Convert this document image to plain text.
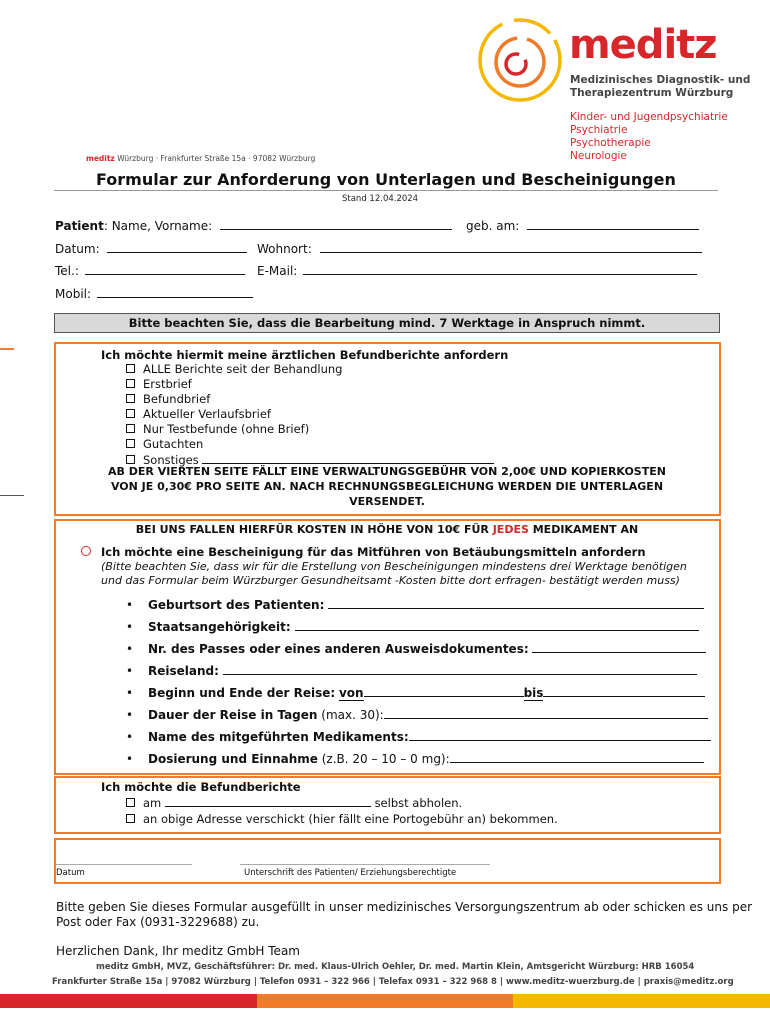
meditz
Medizinisches Diagnostik- und
Therapiezentrum Würzburg
Kinder- und Jugendpsychiatrie
Psychiatrie
Psychotherapie
Neurologie
meditz Würzburg · Frankfurter Straße 15a · 97082 Würzburg
Formular zur Anforderung von Unterlagen und Bescheinigungen
Stand 12.04.2024
Patient: Name, Vorname:	geb. am:
Datum:	Wohnort:
Tel.:	E-Mail:
Mobil:
Bitte beachten Sie, dass die Bearbeitung mind. 7 Werktage in Anspruch nimmt.
Ich möchte hiermit meine ärztlichen Befundberichte anfordern
ALLE Berichte seit der Behandlung
Erstbrief
Befundbrief
Aktueller Verlaufsbrief
Nur Testbefunde (ohne Brief)
Gutachten
Sonstiges
AB DER VIERTEN SEITE FÄLLT EINE VERWALTUNGSGEBÜHR VON 2,00€ UND KOPIERKOSTEN
VON JE 0,30€ PRO SEITE AN. NACH RECHNUNGSBEGLEICHUNG WERDEN DIE UNTERLAGEN
VERSENDET.
BEI UNS FALLEN HIERFÜR KOSTEN IN HÖHE VON 10€ FÜR JEDES MEDIKAMENT AN
Ich möchte eine Bescheinigung für das Mitführen von Betäubungsmitteln anfordern
(Bitte beachten Sie, dass wir für die Erstellung von Bescheinigungen mindestens drei Werktage benötigen
und das Formular beim Würzburger Gesundheitsamt -Kosten bitte dort erfragen- bestätigt werden muss)
• Geburtsort des Patienten:
• Staatsangehörigkeit:
• Nr. des Passes oder eines anderen Ausweisdokumentes:
• Reiseland:
• Beginn und Ende der Reise: von	bis
• Dauer der Reise in Tagen (max. 30):
• Name des mitgeführten Medikaments:
• Dosierung und Einnahme (z.B. 20 – 10 – 0 mg):
Ich möchte die Befundberichte
am	selbst abholen.
an obige Adresse verschickt (hier fällt eine Portogebühr an) bekommen.
Datum	Unterschrift des Patienten/ Erziehungsberechtigte
Bitte geben Sie dieses Formular ausgefüllt in unser medizinisches Versorgungszentrum ab oder schicken es uns per
Post oder Fax (0931-3229688) zu.
Herzlichen Dank, Ihr meditz GmbH Team
meditz GmbH, MVZ, Geschäftsführer: Dr. med. Klaus-Ulrich Oehler, Dr. med. Martin Klein, Amtsgericht Würzburg: HRB 16054
Frankfurter Straße 15a | 97082 Würzburg | Telefon 0931 – 322 966 | Telefax 0931 – 322 968 8 | www.meditz-wuerzburg.de | praxis@meditz.org
